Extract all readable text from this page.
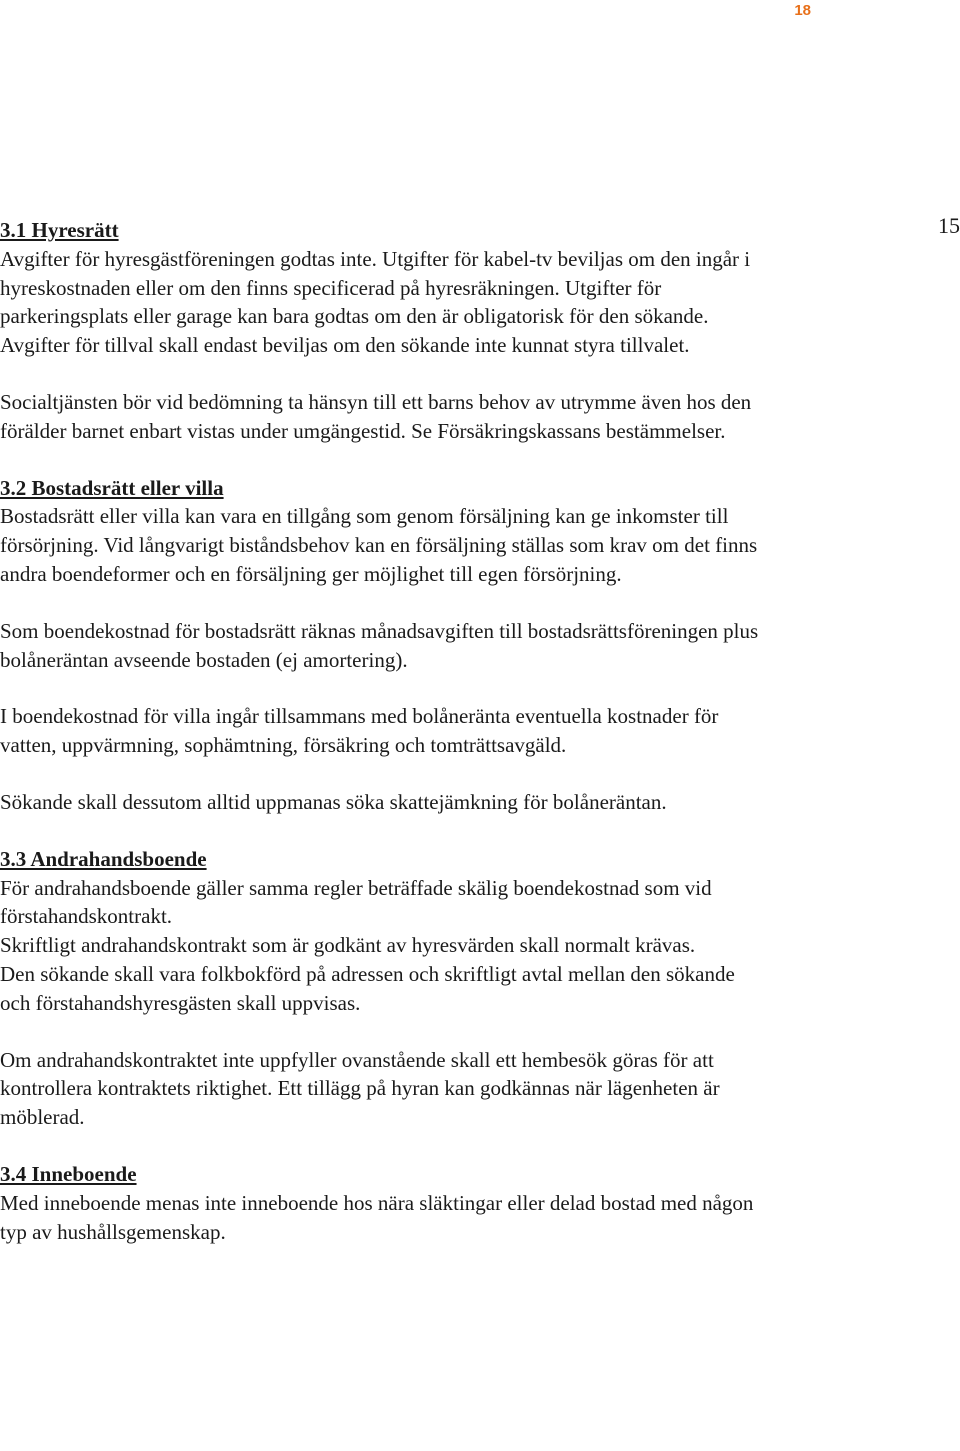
18
15

3.1 Hyresrätt

Avgifter för hyresgästföreningen godtas inte. Utgifter för kabel-tv beviljas om den ingår i hyreskostnaden eller om den finns specificerad på hyresräkningen. Utgifter för parkeringsplats eller garage kan bara godtas om den är obligatorisk för den sökande. Avgifter för tillval skall endast beviljas om den sökande inte kunnat styra tillvalet.

Socialtjänsten bör vid bedömning ta hänsyn till ett barns behov av utrymme även hos den förälder barnet enbart vistas under umgängestid. Se Försäkringskassans bestämmelser.

3.2 Bostadsrätt eller villa

Bostadsrätt eller villa kan vara en tillgång som genom försäljning kan ge inkomster till försörjning. Vid långvarigt biståndsbehov kan en försäljning ställas som krav om det finns andra boendeformer och en försäljning ger möjlighet till egen försörjning.

Som boendekostnad för bostadsrätt räknas månadsavgiften till bostadsrättsföreningen plus bolåneräntan avseende bostaden (ej amortering).

I boendekostnad för villa ingår tillsammans med bolåneränta eventuella kostnader för vatten, uppvärmning, sophämtning, försäkring och tomträttsavgäld.

Sökande skall dessutom alltid uppmanas söka skattejämkning för bolåneräntan.

3.3 Andrahandsboende

För andrahandsboende gäller samma regler beträffade skälig boendekostnad som vid förstahandskontrakt.

Skriftligt andrahandskontrakt som är godkänt av hyresvärden skall normalt krävas.

Den sökande skall vara folkbokförd på adressen och skriftligt avtal mellan den sökande och förstahandshyresgästen skall uppvisas.

Om andrahandskontraktet inte uppfyller ovanstående skall ett hembesök göras för att kontrollera kontraktets riktighet. Ett tillägg på hyran kan godkännas när lägenheten är möblerad.

3.4 Inneboende

Med inneboende menas inte inneboende hos nära släktingar eller delad bostad med någon typ av hushållsgemenskap.
